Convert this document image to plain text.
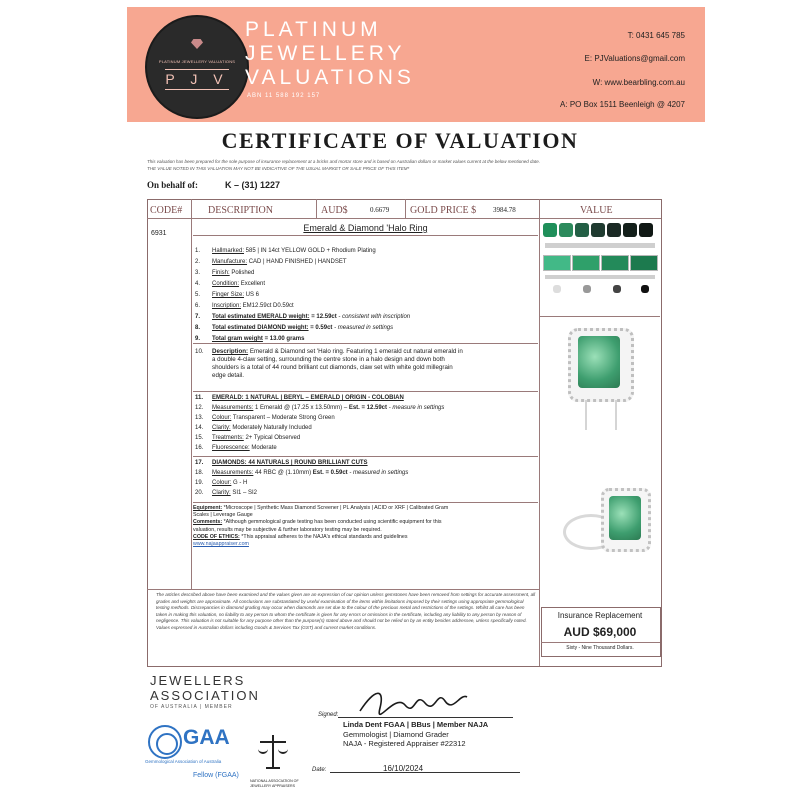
PLATINUM JEWELLERY VALUATIONS
P J V
PLATINUM
JEWELLERY
VALUATIONS
ABN 11 588 192 157
T: 0431 645 785
E: PJValuations@gmail.com
W: www.bearbling.com.au
A: PO Box 1511 Beenleigh @ 4207
CERTIFICATE OF VALUATION
This valuation has been prepared for the sole purpose of insurance replacement at a bricks and mortar store and is based on Australian dollars or market values current at the below mentioned date.
THE VALUE NOTED IN THIS VALUATION MAY NOT BE INDICATIVE OF THE USUAL MARKET OR SALE PRICE OF THIS ITEM*
On behalf of:	K – (31) 1227
CODE#	DESCRIPTION	AUD$	0.6679 GOLD PRICE $ 3984.78	VALUE
6931
Emerald & Diamond 'Halo Ring
1. Hallmarked: 585 | IN 14ct YELLOW GOLD + Rhodium Plating
2. Manufacture: CAD | HAND FINISHED | HANDSET
3. Finish: Polished
4. Condition: Excellent
5. Finger Size: US 6
6. Inscription: EM12.59ct D0.59ct
7. Total estimated EMERALD weight: = 12.59ct - consistent with inscription
8. Total estimated DIAMOND weight: = 0.59ct - measured in settings
9. Total gram weight = 13.00 grams
10. Description: Emerald & Diamond set 'Halo ring. Featuring 1 emerald cut natural emerald in
a double 4-claw setting, surrounding the centre stone in a halo design and down both
shoulders is a total of 44 round brilliant cut diamonds, claw set with white gold millegrain
edge detail.
11. EMERALD: 1 NATURAL | BERYL – EMERALD | ORIGIN - COLOBIAN
12. Measurements: 1 Emerald @ (17.25 x 13.50mm) – Est. = 12.59ct - measure in settings
13. Colour: Transparent – Moderate Strong Green
14. Clarity: Moderately Naturally Included
15. Treatments: 2+ Typical Observed
16. Fluorescence: Moderate
17. DIAMONDS: 44 NATURALS | ROUND BRILLIANT CUTS
18. Measurements: 44 RBC @ (1.10mm) Est. = 0.59ct - measured in settings
19. Colour: G - H
20. Clarity: SI1 – SI2
Equipment: *Microscope | Synthetic Mass Diamond Screener | PL Analysis | ACID or XRF | Calibrated Gram
Scales | Leverage Gauge
Comments: *Although gemmological grade testing has been conducted using scientific equipment for this
valuation, results may be subjective & further laboratory testing may be required.
CODE OF ETHICS: *This appraisal adheres to the NAJA's ethical standards and guidelines
www.najaappraiser.com
The articles described above have been examined and the values given are an expression of our opinion unless gemstones have been removed from settings for accurate assessment, all grades and weights are approximate. All conclusions are substantiated by useful examination of the items within limitations imposed by their settings using appropriate gemmological testing methods. Discrepancies in diamond grading may occur when diamonds are set due to the colour of the precious metal and restrictions of the settings. Whilst all care has been taken in making this valuation, no liability to any person to whom the certificate is given for any errors or omissions in the certificate, including any liability to any person by reason of negligence. This valuation is not suitable for any purpose other than the purpose(s) stated above and should not be relied on by an entity besides addressee, unless specifically noted. Values expressed in Australian dollars including Goods & Services Tax (GST) and current market conditions.
Insurance Replacement
AUD $69,000
Sixty - Nine Thousand Dollars.
JEWELLERS
ASSOCIATION
OF AUSTRALIA | MEMBER
GAA
Gemmological Association of Australia
Fellow (FGAA)
NATIONAL ASSOCIATION OF
JEWELLERY APPRAISERS
Signed:
Linda Dent FGAA | BBus | Member NAJA
Gemmologist | Diamond Grader
NAJA - Registered Appraiser #22312
Date:	16/10/2024
